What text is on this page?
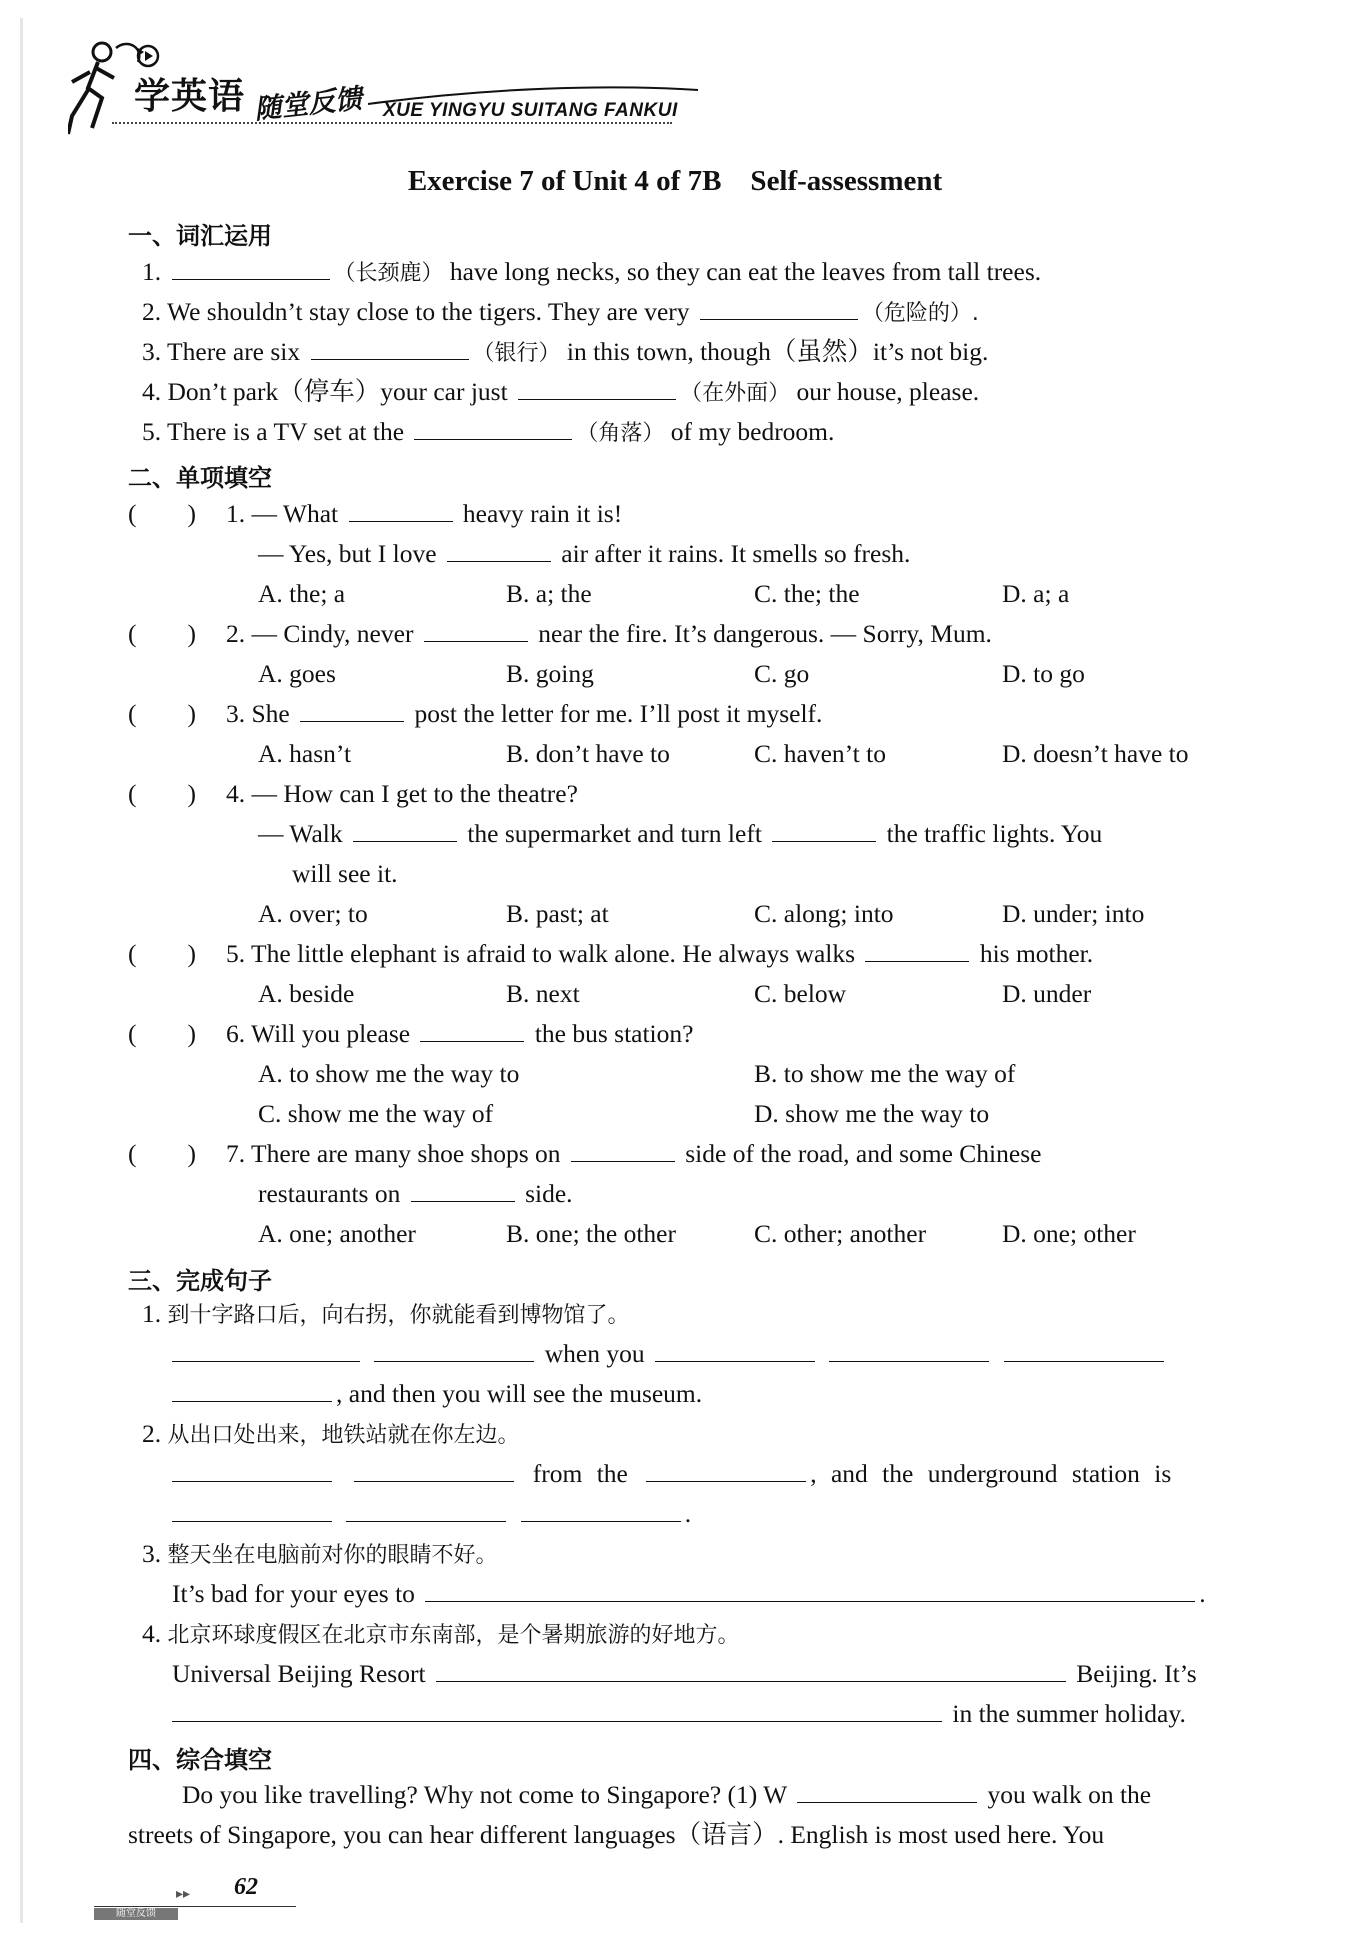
学英语 随堂反馈 XUE YINGYU SUITANG FANKUI
Exercise 7 of Unit 4 of 7B　Self-assessment
一、词汇运用
1.	（长颈鹿） have long necks, so they can eat the leaves from tall trees.
2. We shouldn’t stay close to the tigers. They are very	（危险的）.
3. There are six	（银行） in this town, though（虽然）it’s not big.
4. Don’t park（停车）your car just	（在外面） our house, please.
5. There is a TV set at the	（角落） of my bedroom.
二、单项填空
(　　) 1. — What	heavy rain it is!
— Yes, but I love	air after it rains. It smells so fresh.
A. the; a	B. a; the	C. the; the	D. a; a
(　　) 2. — Cindy, never	near the fire. It’s dangerous. — Sorry, Mum.
A. goes	B. going	C. go	D. to go
(　　) 3. She	post the letter for me. I’ll post it myself.
A. hasn’t	B. don’t have to	C. haven’t to	D. doesn’t have to
(　　) 4. — How can I get to the theatre?
— Walk	the supermarket and turn left	the traffic lights. You
will see it.
A. over; to	B. past; at	C. along; into	D. under; into
(　　) 5. The little elephant is afraid to walk alone. He always walks	his mother.
A. beside	B. next	C. below	D. under
(　　) 6. Will you please	the bus station?
A. to show me the way to	B. to show me the way of
C. show me the way of	D. show me the way to
(　　) 7. There are many shoe shops on	side of the road, and some Chinese
restaurants on	side.
A. one; another	B. one; the other	C. other; another	D. one; other
三、完成句子
1. 到十字路口后，向右拐，你就能看到博物馆了。
when you
, and then you will see the museum.
2. 从出口处出来，地铁站就在你左边。
from the	, and the underground station is
.
3. 整天坐在电脑前对你的眼睛不好。
It’s bad for your eyes to	.
4. 北京环球度假区在北京市东南部，是个暑期旅游的好地方。
Universal Beijing Resort	Beijing. It’s
in the summer holiday.
四、综合填空
Do you like travelling? Why not come to Singapore? (1) W	you walk on the
streets of Singapore, you can hear different languages（语言）. English is most used here. You
▸▸ 62
随堂反馈
